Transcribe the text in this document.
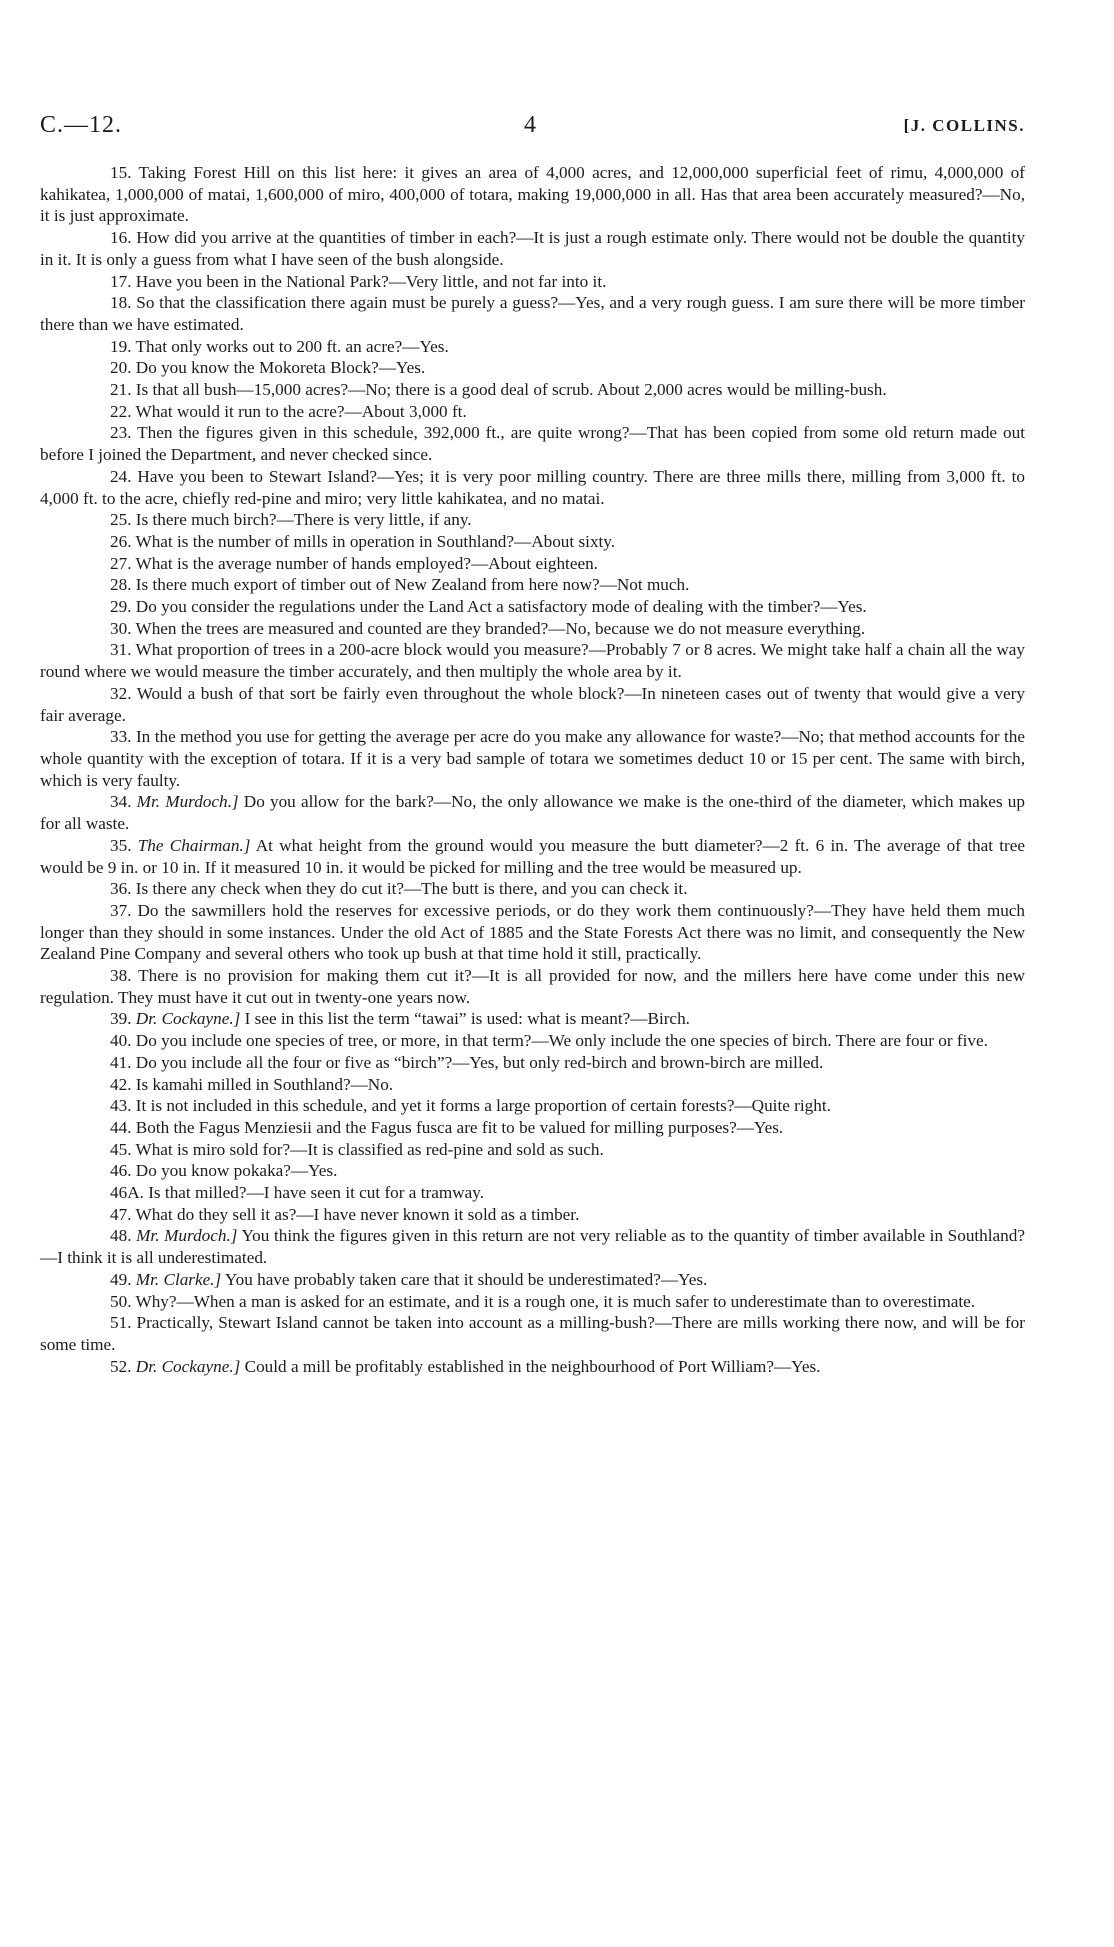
C.—12.	4	[J. COLLINS.

15. Taking Forest Hill on this list here: it gives an area of 4,000 acres, and 12,000,000 superficial feet of rimu, 4,000,000 of kahikatea, 1,000,000 of matai, 1,600,000 of miro, 400,000 of totara, making 19,000,000 in all. Has that area been accurately measured?—No, it is just approximate.

16. How did you arrive at the quantities of timber in each?—It is just a rough estimate only. There would not be double the quantity in it. It is only a guess from what I have seen of the bush alongside.

17. Have you been in the National Park?—Very little, and not far into it.

18. So that the classification there again must be purely a guess?—Yes, and a very rough guess. I am sure there will be more timber there than we have estimated.

19. That only works out to 200 ft. an acre?—Yes.

20. Do you know the Mokoreta Block?—Yes.

21. Is that all bush—15,000 acres?—No; there is a good deal of scrub. About 2,000 acres would be milling-bush.

22. What would it run to the acre?—About 3,000 ft.

23. Then the figures given in this schedule, 392,000 ft., are quite wrong?—That has been copied from some old return made out before I joined the Department, and never checked since.

24. Have you been to Stewart Island?—Yes; it is very poor milling country. There are three mills there, milling from 3,000 ft. to 4,000 ft. to the acre, chiefly red-pine and miro; very little kahikatea, and no matai.

25. Is there much birch?—There is very little, if any.

26. What is the number of mills in operation in Southland?—About sixty.

27. What is the average number of hands employed?—About eighteen.

28. Is there much export of timber out of New Zealand from here now?—Not much.

29. Do you consider the regulations under the Land Act a satisfactory mode of dealing with the timber?—Yes.

30. When the trees are measured and counted are they branded?—No, because we do not measure everything.

31. What proportion of trees in a 200-acre block would you measure?—Probably 7 or 8 acres. We might take half a chain all the way round where we would measure the timber accurately, and then multiply the whole area by it.

32. Would a bush of that sort be fairly even throughout the whole block?—In nineteen cases out of twenty that would give a very fair average.

33. In the method you use for getting the average per acre do you make any allowance for waste?—No; that method accounts for the whole quantity with the exception of totara. If it is a very bad sample of totara we sometimes deduct 10 or 15 per cent. The same with birch, which is very faulty.

34. Mr. Murdoch.] Do you allow for the bark?—No, the only allowance we make is the one-third of the diameter, which makes up for all waste.

35. The Chairman.] At what height from the ground would you measure the butt diameter?—2 ft. 6 in. The average of that tree would be 9 in. or 10 in. If it measured 10 in. it would be picked for milling and the tree would be measured up.

36. Is there any check when they do cut it?—The butt is there, and you can check it.

37. Do the sawmillers hold the reserves for excessive periods, or do they work them continuously?—They have held them much longer than they should in some instances. Under the old Act of 1885 and the State Forests Act there was no limit, and consequently the New Zealand Pine Company and several others who took up bush at that time hold it still, practically.

38. There is no provision for making them cut it?—It is all provided for now, and the millers here have come under this new regulation. They must have it cut out in twenty-one years now.

39. Dr. Cockayne.] I see in this list the term “tawai” is used: what is meant?—Birch.

40. Do you include one species of tree, or more, in that term?—We only include the one species of birch. There are four or five.

41. Do you include all the four or five as “birch”?—Yes, but only red-birch and brown-birch are milled.

42. Is kamahi milled in Southland?—No.

43. It is not included in this schedule, and yet it forms a large proportion of certain forests?—Quite right.

44. Both the Fagus Menziesii and the Fagus fusca are fit to be valued for milling purposes?—Yes.

45. What is miro sold for?—It is classified as red-pine and sold as such.

46. Do you know pokaka?—Yes.

46A. Is that milled?—I have seen it cut for a tramway.

47. What do they sell it as?—I have never known it sold as a timber.

48. Mr. Murdoch.] You think the figures given in this return are not very reliable as to the quantity of timber available in Southland?—I think it is all underestimated.

49. Mr. Clarke.] You have probably taken care that it should be underestimated?—Yes.

50. Why?—When a man is asked for an estimate, and it is a rough one, it is much safer to underestimate than to overestimate.

51. Practically, Stewart Island cannot be taken into account as a milling-bush?—There are mills working there now, and will be for some time.

52. Dr. Cockayne.] Could a mill be profitably established in the neighbourhood of Port William?—Yes.
